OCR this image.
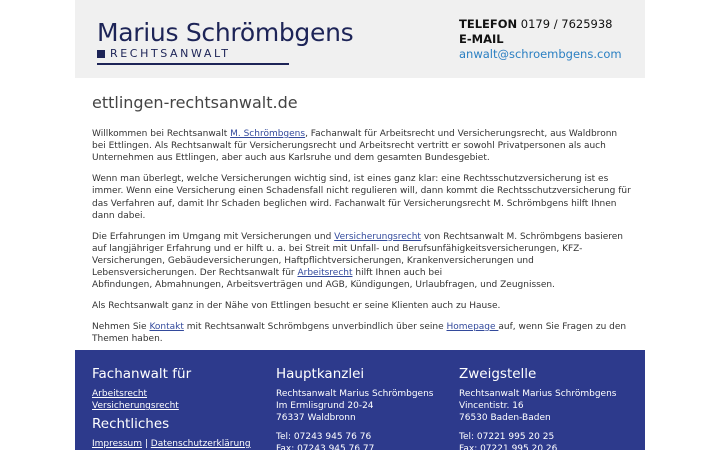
Marius Schrömbgens
RECHTSANWALT
TELEFON 0179 / 7625938
E-MAIL
anwalt@schroembgens.com
ettlingen-rechtsanwalt.de

Willkommen bei Rechtsanwalt M. Schrömbgens, Fachanwalt für Arbeitsrecht und Versicherungsrecht, aus Waldbronn bei Ettlingen. Als Rechtsanwalt für Versicherungsrecht und Arbeitsrecht vertritt er sowohl Privatpersonen als auch Unternehmen aus Ettlingen, aber auch aus Karlsruhe und dem gesamten Bundesgebiet.

Wenn man überlegt, welche Versicherungen wichtig sind, ist eines ganz klar: eine Rechtsschutzversicherung ist es immer. Wenn eine Versicherung einen Schadensfall nicht regulieren will, dann kommt die Rechtsschutzversicherung für das Verfahren auf, damit Ihr Schaden beglichen wird. Fachanwalt für Versicherungsrecht M. Schrömbgens hilft Ihnen dann dabei.

Die Erfahrungen im Umgang mit Versicherungen und Versicherungsrecht von Rechtsanwalt M. Schrömbgens basieren auf langjähriger Erfahrung und er hilft u. a. bei Streit mit Unfall- und Berufsunfähigkeitsversicherungen, KFZ-Versicherungen, Gebäudeversicherungen, Haftpflichtversicherungen, Krankenversicherungen und Lebensversicherungen. Der Rechtsanwalt für Arbeitsrecht hilft Ihnen auch bei
Abfindungen, Abmahnungen, Arbeitsverträgen und AGB, Kündigungen, Urlaubfragen, und Zeugnissen.

Als Rechtsanwalt ganz in der Nähe von Ettlingen besucht er seine Klienten auch zu Hause.

Nehmen Sie Kontakt mit Rechtsanwalt Schrömbgens unverbindlich über seine Homepage auf, wenn Sie Fragen zu den Themen haben.

Fachanwalt für
Arbeitsrecht
Versicherungsrecht
Rechtliches
Impressum | Datenschutzerklärung
Hauptkanzlei
Rechtsanwalt Marius Schrömbgens
Im Ermlisgrund 20-24
76337 Waldbronn
Tel: 07243 945 76 76
Fax: 07243 945 76 77
Zweigstelle
Rechtsanwalt Marius Schrömbgens
Vincentistr. 16
76530 Baden-Baden
Tel: 07221 995 20 25
Fax: 07221 995 20 26
